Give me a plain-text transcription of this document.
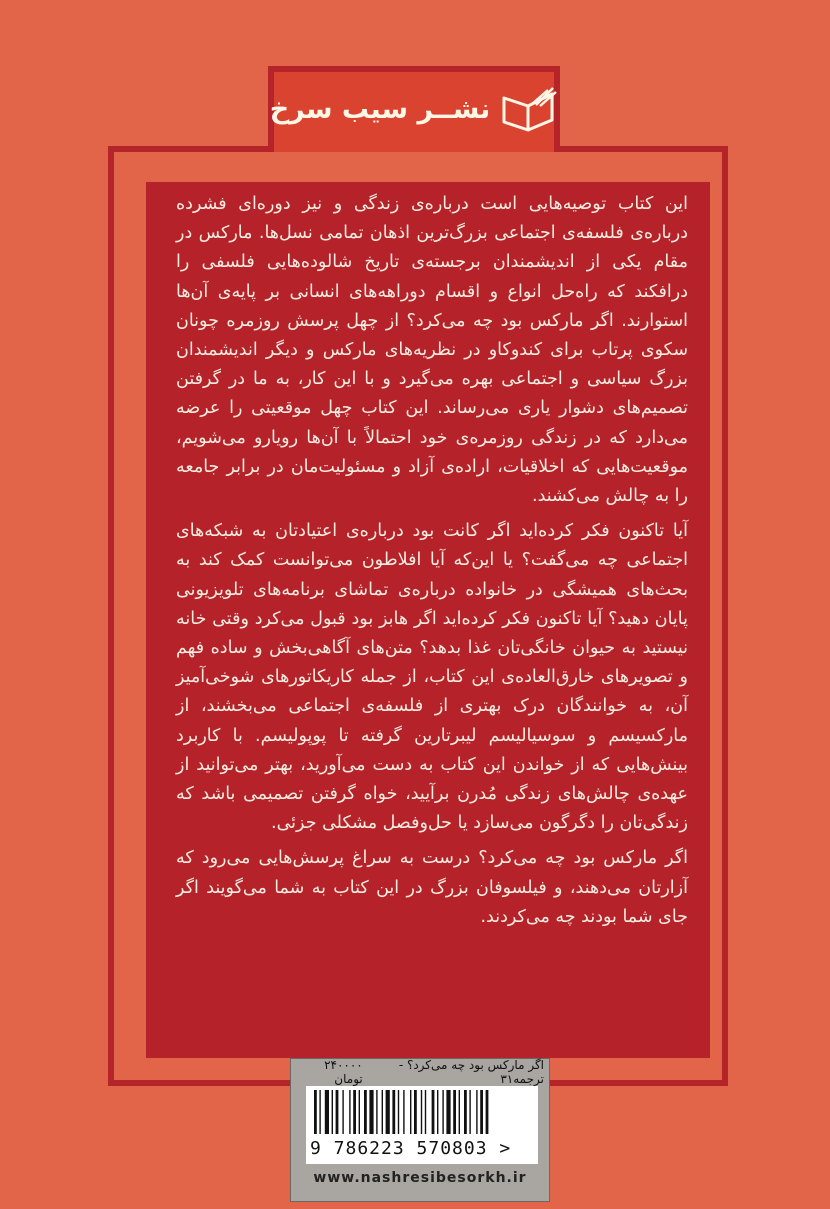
نشــر سیب سرخ

این کتاب توصیه‌هایی است درباره‌ی زندگی و نیز دوره‌ای فشرده درباره‌ی فلسفه‌ی اجتماعی بزرگ‌ترین اذهان تمامی نسل‌ها. مارکس در مقام یکی از اندیشمندان برجسته‌ی تاریخ شالوده‌هایی فلسفی را درافکند که راه‌حل انواع و اقسام دوراهه‌های انسانی بر پایه‌ی آن‌ها استوارند. اگر مارکس بود چه می‌کرد؟ از چهل پرسش روزمره چونان سکوی پرتاب برای کندوکاو در نظریه‌های مارکس و دیگر اندیشمندان بزرگ سیاسی و اجتماعی بهره می‌گیرد و با این کار، به ما در گرفتن تصمیم‌های دشوار یاری می‌رساند. این کتاب چهل موقعیتی را عرضه می‌دارد که در زندگی روزمره‌ی خود احتمالاً با آن‌ها رویارو می‌شویم، موقعیت‌هایی که اخلاقیات، اراده‌ی آزاد و مسئولیت‌مان در برابر جامعه را به چالش می‌کشند.

آیا تاکنون فکر کرده‌اید اگر کانت بود درباره‌ی اعتیادتان به شبکه‌های اجتماعی چه می‌گفت؟ یا این‌که آیا افلاطون می‌توانست کمک کند به بحث‌های همیشگی در خانواده درباره‌ی تماشای برنامه‌های تلویزیونی پایان دهید؟ آیا تاکنون فکر کرده‌اید اگر هابز بود قبول می‌کرد وقتی خانه نیستید به حیوان خانگی‌تان غذا بدهد؟ متن‌های آگاهی‌بخش و ساده فهم و تصویرهای خارق‌العاده‌ی این کتاب، از جمله کاریکاتورهای شوخی‌آمیز آن، به خوانندگان درک بهتری از فلسفه‌ی اجتماعی می‌بخشند، از مارکسیسم و سوسیالیسم لیبرتارین گرفته تا پوپولیسم. با کاربرد بینش‌هایی که از خواندن این کتاب به دست می‌آورید، بهتر می‌توانید از عهده‌ی چالش‌های زندگی مُدرن برآیید، خواه گرفتن تصمیمی باشد که زندگی‌تان را دگرگون می‌سازد یا حل‌وفصل مشکلی جزئی.

اگر مارکس بود چه می‌کرد؟ درست به سراغ پرسش‌هایی می‌رود که آزارتان می‌دهند، و فیلسوفان بزرگ در این کتاب به شما می‌گویند اگر جای شما بودند چه می‌کردند.

اگر مارکس بود چه می‌کرد؟ - ترجمه۳۱
۲۴۰۰۰۰ تومان
9 786223 570803 >
www.nashresibesorkh.ir
